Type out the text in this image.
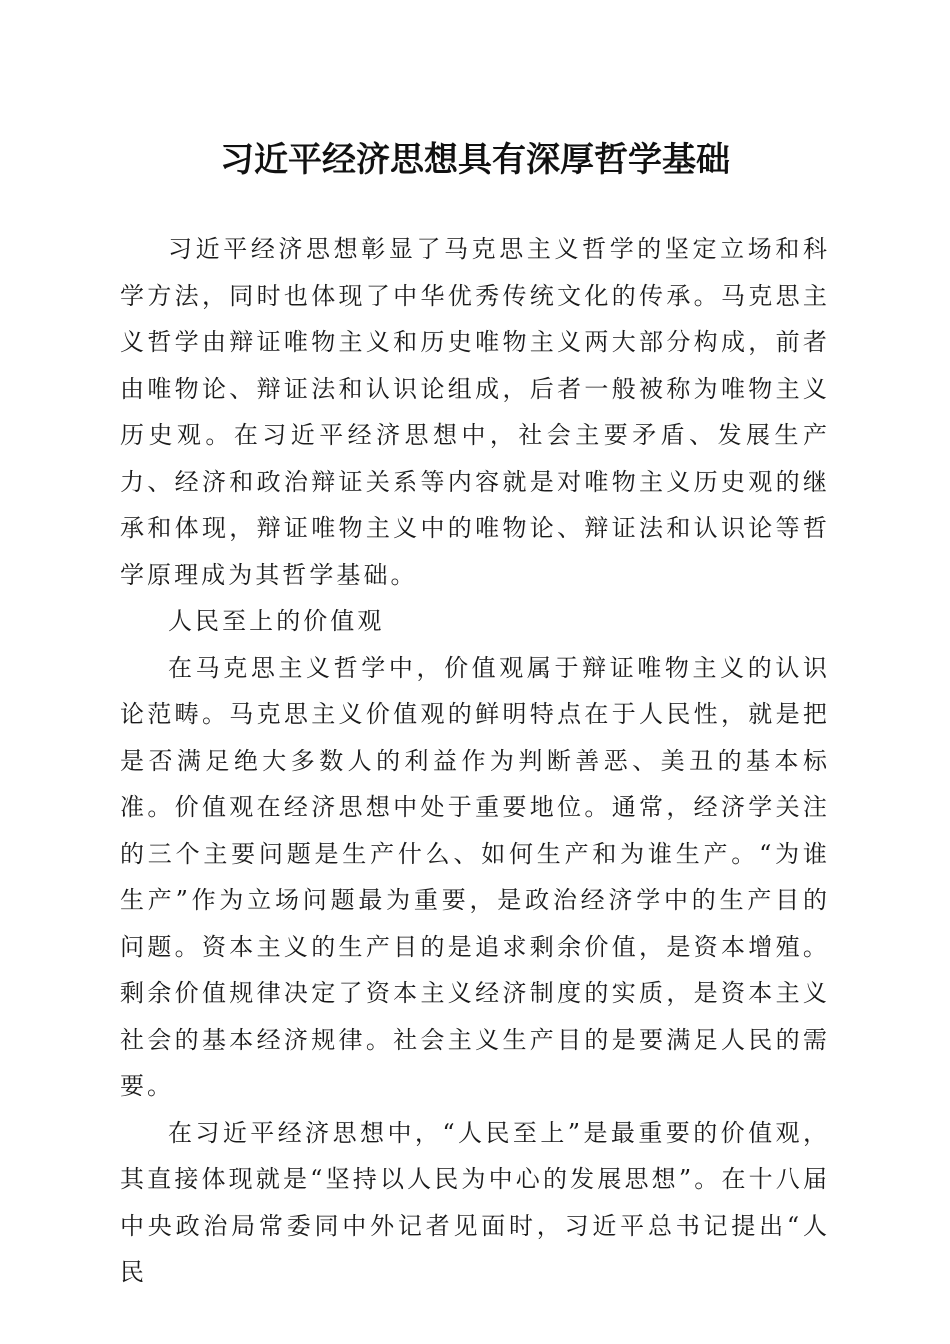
习近平经济思想具有深厚哲学基础

习近平经济思想彰显了马克思主义哲学的坚定立场和科学方法，同时也体现了中华优秀传统文化的传承。马克思主义哲学由辩证唯物主义和历史唯物主义两大部分构成，前者由唯物论、辩证法和认识论组成，后者一般被称为唯物主义历史观。在习近平经济思想中，社会主要矛盾、发展生产力、经济和政治辩证关系等内容就是对唯物主义历史观的继承和体现，辩证唯物主义中的唯物论、辩证法和认识论等哲学原理成为其哲学基础。

人民至上的价值观

在马克思主义哲学中，价值观属于辩证唯物主义的认识论范畴。马克思主义价值观的鲜明特点在于人民性，就是把是否满足绝大多数人的利益作为判断善恶、美丑的基本标准。价值观在经济思想中处于重要地位。通常，经济学关注的三个主要问题是生产什么、如何生产和为谁生产。“为谁生产”作为立场问题最为重要，是政治经济学中的生产目的问题。资本主义的生产目的是追求剩余价值，是资本增殖。剩余价值规律决定了资本主义经济制度的实质，是资本主义社会的基本经济规律。社会主义生产目的是要满足人民的需要。

在习近平经济思想中，“人民至上”是最重要的价值观，其直接体现就是“坚持以人民为中心的发展思想”。在十八届中央政治局常委同中外记者见面时，习近平总书记提出“人民
